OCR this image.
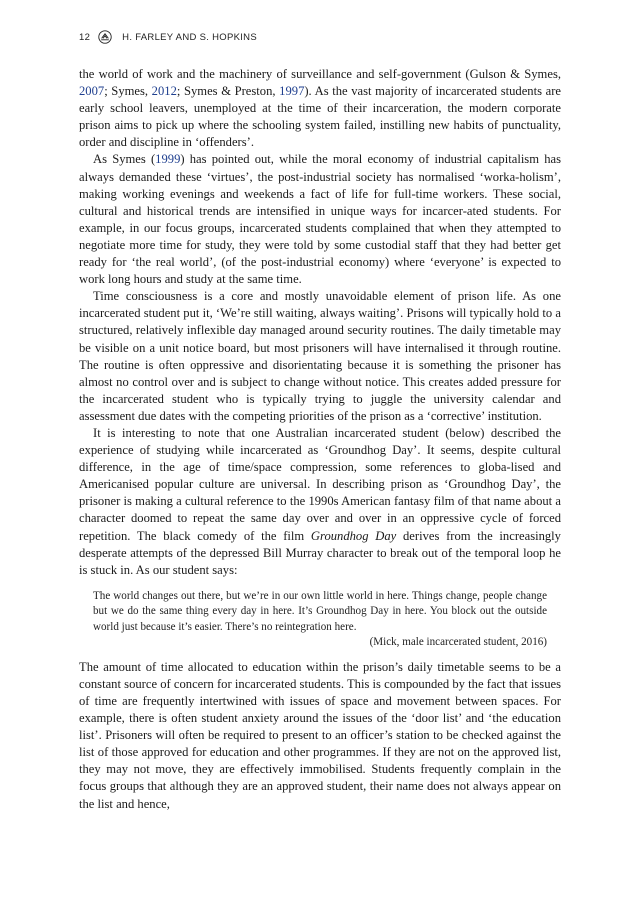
12	H. FARLEY AND S. HOPKINS

the world of work and the machinery of surveillance and self-government (Gulson & Symes, 2007; Symes, 2012; Symes & Preston, 1997). As the vast majority of incarcerated students are early school leavers, unemployed at the time of their incarceration, the modern corporate prison aims to pick up where the schooling system failed, instilling new habits of punctuality, order and discipline in ‘offenders’.

As Symes (1999) has pointed out, while the moral economy of industrial capitalism has always demanded these ‘virtues’, the post-industrial society has normalised ‘worka-holism’, making working evenings and weekends a fact of life for full-time workers. These social, cultural and historical trends are intensified in unique ways for incarcer-ated students. For example, in our focus groups, incarcerated students complained that when they attempted to negotiate more time for study, they were told by some custodial staff that they had better get ready for ‘the real world’, (of the post-industrial economy) where ‘everyone’ is expected to work long hours and study at the same time.

Time consciousness is a core and mostly unavoidable element of prison life. As one incarcerated student put it, ‘We’re still waiting, always waiting’. Prisons will typically hold to a structured, relatively inflexible day managed around security routines. The daily timetable may be visible on a unit notice board, but most prisoners will have internalised it through routine. The routine is often oppressive and disorientating because it is something the prisoner has almost no control over and is subject to change without notice. This creates added pressure for the incarcerated student who is typically trying to juggle the university calendar and assessment due dates with the competing priorities of the prison as a ‘corrective’ institution.

It is interesting to note that one Australian incarcerated student (below) described the experience of studying while incarcerated as ‘Groundhog Day’. It seems, despite cultural difference, in the age of time/space compression, some references to globa-lised and Americanised popular culture are universal. In describing prison as ‘Groundhog Day’, the prisoner is making a cultural reference to the 1990s American fantasy film of that name about a character doomed to repeat the same day over and over in an oppressive cycle of forced repetition. The black comedy of the film Groundhog Day derives from the increasingly desperate attempts of the depressed Bill Murray character to break out of the temporal loop he is stuck in. As our student says:

The world changes out there, but we’re in our own little world in here. Things change, people change but we do the same thing every day in here. It’s Groundhog Day in here. You block out the outside world just because it’s easier. There’s no reintegration here.
(Mick, male incarcerated student, 2016)

The amount of time allocated to education within the prison’s daily timetable seems to be a constant source of concern for incarcerated students. This is compounded by the fact that issues of time are frequently intertwined with issues of space and movement between spaces. For example, there is often student anxiety around the issues of the ‘door list’ and ‘the education list’. Prisoners will often be required to present to an officer’s station to be checked against the list of those approved for education and other programmes. If they are not on the approved list, they may not move, they are effectively immobilised. Students frequently complain in the focus groups that although they are an approved student, their name does not always appear on the list and hence,
